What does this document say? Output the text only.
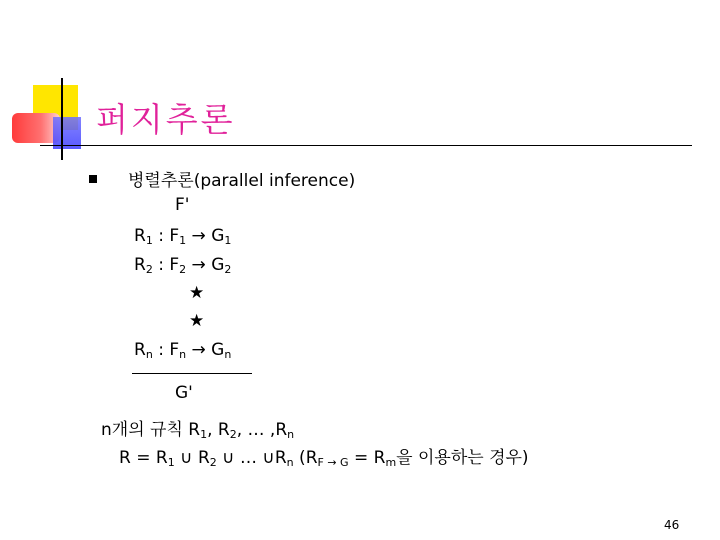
퍼지추론
병렬추론(parallel inference)
F'
$R_1$ : $F_1 \to G_1$
$R_2$ : $F_2 \to G_2$
★
★
$R_n$ : $F_n \to G_n$
G'
n개의 규칙 $R_1$, $R_2$, … $,R_n$
$R = R_1$ ∪ $R_2$ ∪ … $\cup R_n$ ($R_{F \to G} = R_m$을 이용하는 경우)
46
